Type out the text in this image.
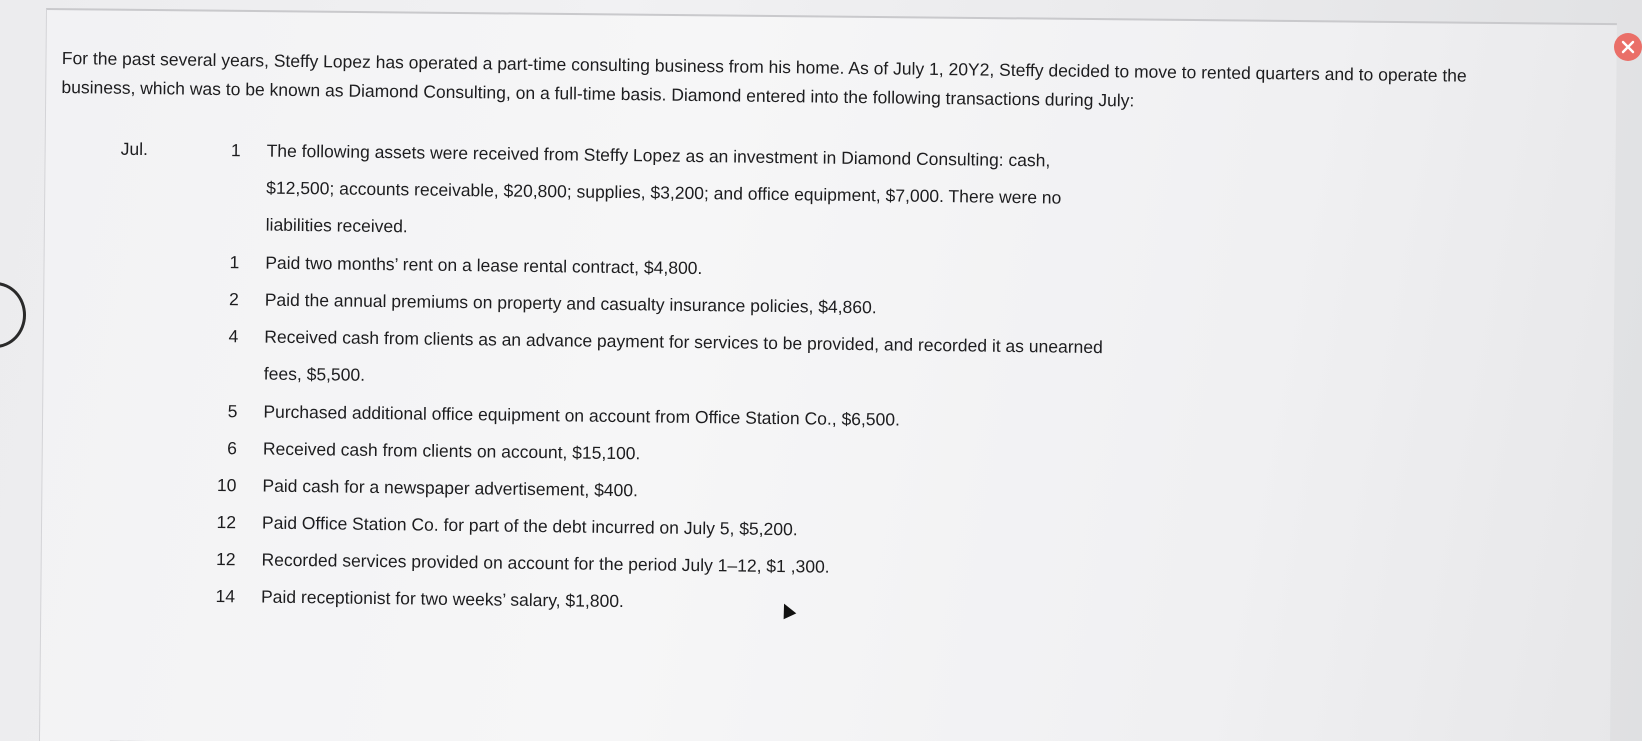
For the past several years, Steffy Lopez has operated a part-time consulting business from his home. As of July 1, 20Y2, Steffy decided to move to rented quarters and to operate the business, which was to be known as Diamond Consulting, on a full-time basis. Diamond entered into the following transactions during July:

Jul.	1	The following assets were received from Steffy Lopez as an investment in Diamond Consulting: cash, $12,500; accounts receivable, $20,800; supplies, $3,200; and office equipment, $7,000. There were no liabilities received.
1	Paid two months’ rent on a lease rental contract, $4,800.
2	Paid the annual premiums on property and casualty insurance policies, $4,860.
4	Received cash from clients as an advance payment for services to be provided, and recorded it as unearned fees, $5,500.
5	Purchased additional office equipment on account from Office Station Co., $6,500.
6	Received cash from clients on account, $15,100.
10	Paid cash for a newspaper advertisement, $400.
12	Paid Office Station Co. for part of the debt incurred on July 5, $5,200.
12	Recorded services provided on account for the period July 1–12, $1 ,300.
14	Paid receptionist for two weeks’ salary, $1,800.
